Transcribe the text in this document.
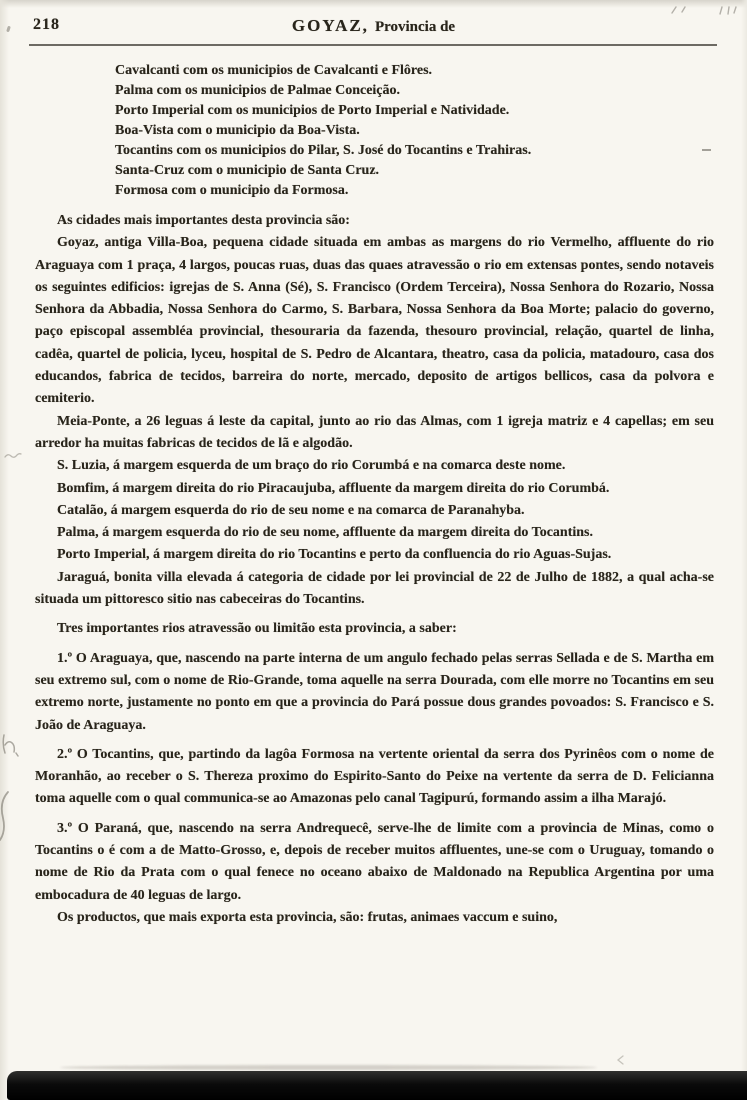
218	GOYAZ, Provincia de
Cavalcanti com os municipios de Cavalcanti e Flôres.
Palma com os municipios de Palmae Conceição.
Porto Imperial com os municipios de Porto Imperial e Natividade.
Boa-Vista com o municipio da Boa-Vista.
Tocantins com os municipios do Pilar, S. José do Tocantins e Trahiras.
Santa-Cruz com o municipio de Santa Cruz.
Formosa com o municipio da Formosa.

As cidades mais importantes desta provincia são:

Goyaz, antiga Villa-Boa, pequena cidade situada em ambas as margens do rio Vermelho, affluente do rio Araguaya com 1 praça, 4 largos, poucas ruas, duas das quaes atravessão o rio em extensas pontes, sendo notaveis os seguintes edificios: igrejas de S. Anna (Sé), S. Francisco (Ordem Terceira), Nossa Senhora do Rozario, Nossa Senhora da Abbadia, Nossa Senhora do Carmo, S. Barbara, Nossa Senhora da Boa Morte; palacio do governo, paço episcopal assembléa provincial, thesouraria da fazenda, thesouro provincial, relação, quartel de linha, cadêa, quartel de policia, lyceu, hospital de S. Pedro de Alcantara, theatro, casa da policia, matadouro, casa dos educandos, fabrica de tecidos, barreira do norte, mercado, deposito de artigos bellicos, casa da polvora e cemiterio.

Meia-Ponte, a 26 leguas á leste da capital, junto ao rio das Almas, com 1 igreja matriz e 4 capellas; em seu arredor ha muitas fabricas de tecidos de lã e algodão.

S. Luzia, á margem esquerda de um braço do rio Corumbá e na comarca deste nome.

Bomfim, á margem direita do rio Piracaujuba, affluente da margem direita do rio Corumbá.

Catalão, á margem esquerda do rio de seu nome e na comarca de Paranahyba.

Palma, á margem esquerda do rio de seu nome, affluente da margem direita do Tocantins.

Porto Imperial, á margem direita do rio Tocantins e perto da confluencia do rio Aguas-Sujas.

Jaraguá, bonita villa elevada á categoria de cidade por lei provincial de 22 de Julho de 1882, a qual acha-se situada um pittoresco sitio nas cabeceiras do Tocantins.

Tres importantes rios atravessão ou limitão esta provincia, a saber:

1.º O Araguaya, que, nascendo na parte interna de um angulo fechado pelas serras Sellada e de S. Martha em seu extremo sul, com o nome de Rio-Grande, toma aquelle na serra Dourada, com elle morre no Tocantins em seu extremo norte, justamente no ponto em que a provincia do Pará possue dous grandes povoados: S. Francisco e S. João de Araguaya.

2.º O Tocantins, que, partindo da lagôa Formosa na vertente oriental da serra dos Pyrinêos com o nome de Moranhão, ao receber o S. Thereza proximo do Espirito-Santo do Peixe na vertente da serra de D. Felicianna toma aquelle com o qual communica-se ao Amazonas pelo canal Tagipurú, formando assim a ilha Marajó.

3.º O Paraná, que, nascendo na serra Andrequecê, serve-lhe de limite com a provincia de Minas, como o Tocantins o é com a de Matto-Grosso, e, depois de receber muitos affluentes, une-se com o Uruguay, tomando o nome de Rio da Prata com o qual fenece no oceano abaixo de Maldonado na Republica Argentina por uma embocadura de 40 leguas de largo.

Os productos, que mais exporta esta provincia, são: frutas, animaes vaccum e suino,
